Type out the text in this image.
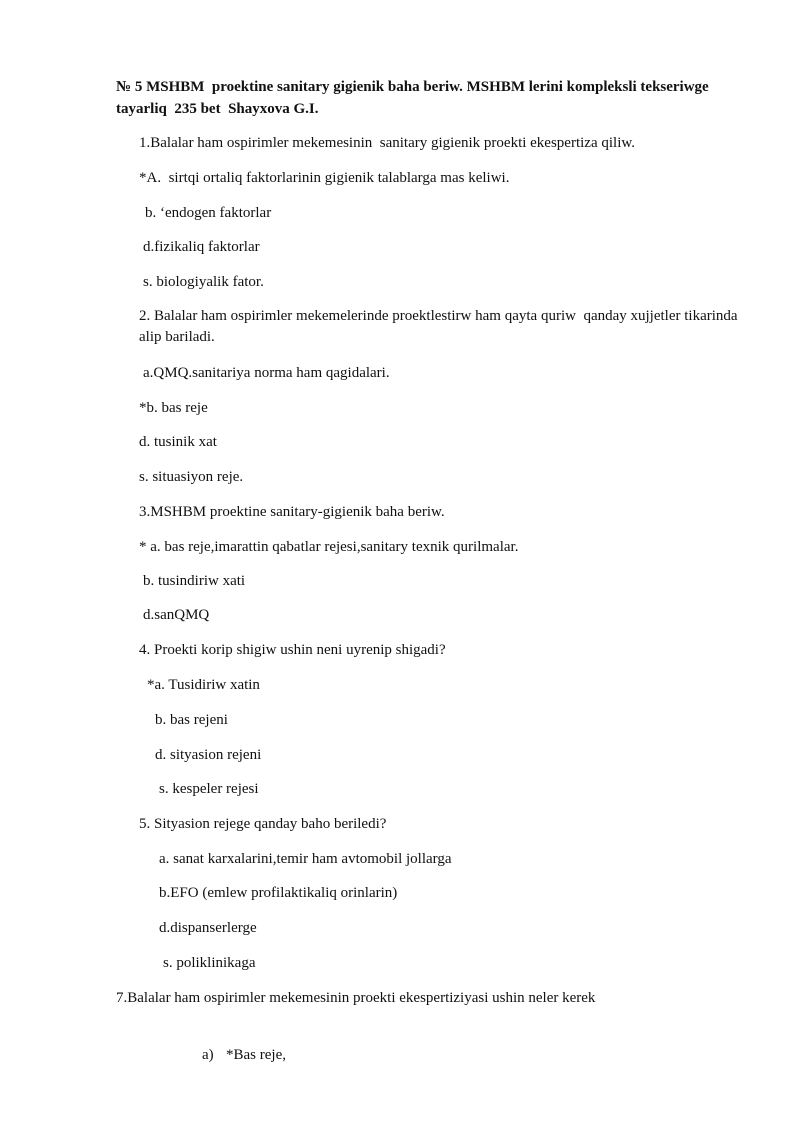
№ 5 MSHBM  proektine sanitary gigienik baha beriw. MSHBM lerini kompleksli tekseriwge tayarliq  235 bet  Shayxova G.I.
1.Balalar ham ospirimler mekemesinin  sanitary gigienik proekti ekespertiza qiliw.
*A.  sirtqi ortaliq faktorlarinin gigienik talablarga mas keliwi.
b. ‘endogen faktorlar
d.fizikaliq faktorlar
s. biologiyalik fator.
2. Balalar ham ospirimler mekemelerinde proektlestirw ham qayta quriw  qanday xujjetler tikarinda alip bariladi.
a.QMQ.sanitariya norma ham qagidalari.
*b. bas reje
d. tusinik xat
s. situasiyon reje.
3.MSHBM proektine sanitary-gigienik baha beriw.
* a. bas reje,imarattin qabatlar rejesi,sanitary texnik qurilmalar.
b. tusindiriw xati
d.sanQMQ
4. Proekti korip shigiw ushin neni uyrenip shigadi?
*a. Tusidiriw xatin
b. bas rejeni
d. sityasion rejeni
s. kespeler rejesi
5. Sityasion rejege qanday baho beriledi?
a. sanat karxalarini,temir ham avtomobil jollarga
b.EFO (emlew profilaktikaliq orinlarin)
d.dispanserlerge
s. poliklinikaga
7.Balalar ham ospirimler mekemesinin proekti ekespertiziyasi ushin neler kerek

a) *Bas reje,
